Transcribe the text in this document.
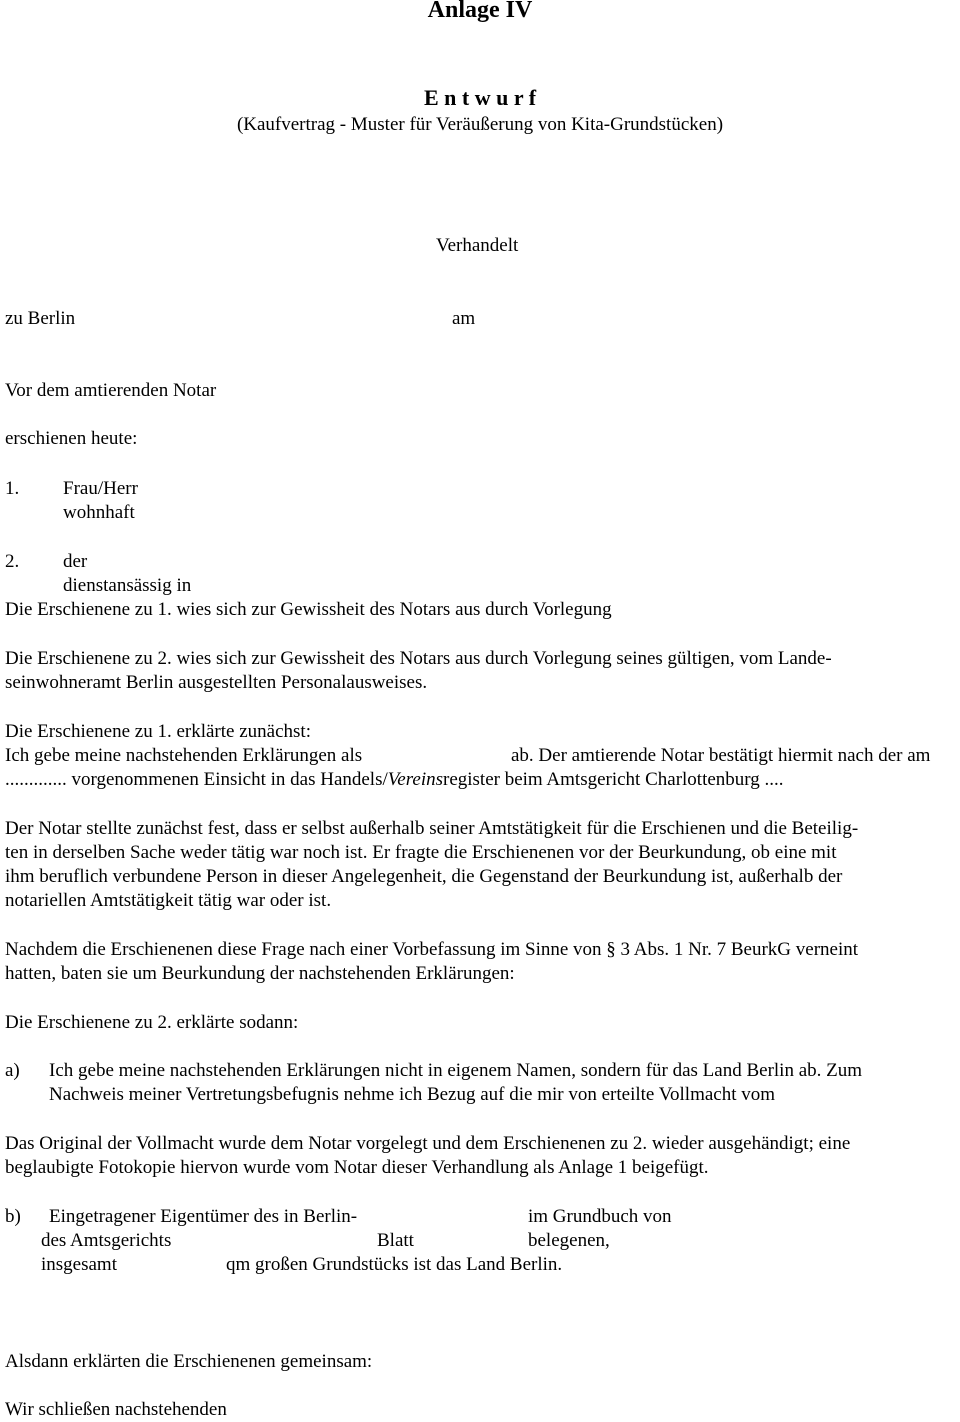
Anlage IV
E n t w u r f
(Kaufvertrag - Muster für Veräußerung von Kita-Grundstücken)
Verhandelt
zu Berlin	am
Vor dem amtierenden Notar
erschienen heute:
1. Frau/Herr
wohnhaft
2. der
dienstansässig in
Die Erschienene zu 1. wies sich zur Gewissheit des Notars aus durch Vorlegung
Die Erschienene zu 2. wies sich zur Gewissheit des Notars aus durch Vorlegung seines gültigen, vom Lande-
seinwohneramt Berlin ausgestellten Personalausweises.
Die Erschienene zu 1. erklärte zunächst:
Ich gebe meine nachstehenden Erklärungen als	ab. Der amtierende Notar bestätigt hiermit nach der am
............. vorgenommenen Einsicht in das Handels/Vereinsregister beim Amtsgericht Charlottenburg ....
Der Notar stellte zunächst fest, dass er selbst außerhalb seiner Amtstätigkeit für die Erschienen und die Beteilig-
ten in derselben Sache weder tätig war noch ist. Er fragte die Erschienenen vor der Beurkundung, ob eine mit
ihm beruflich verbundene Person in dieser Angelegenheit, die Gegenstand der Beurkundung ist, außerhalb der
notariellen Amtstätigkeit tätig war oder ist.
Nachdem die Erschienenen diese Frage nach einer Vorbefassung im Sinne von § 3 Abs. 1 Nr. 7 BeurkG verneint
hatten, baten sie um Beurkundung der nachstehenden Erklärungen:
Die Erschienene zu 2. erklärte sodann:
a) Ich gebe meine nachstehenden Erklärungen nicht in eigenem Namen, sondern für das Land Berlin ab. Zum
Nachweis meiner Vertretungsbefugnis nehme ich Bezug auf die mir von erteilte Vollmacht vom
Das Original der Vollmacht wurde dem Notar vorgelegt und dem Erschienenen zu 2. wieder ausgehändigt; eine
beglaubigte Fotokopie hiervon wurde vom Notar dieser Verhandlung als Anlage 1 beigefügt.
b) Eingetragener Eigentümer des in Berlin-	im Grundbuch von
des Amtsgerichts	Blatt	belegenen,
insgesamt	qm großen Grundstücks ist das Land Berlin.
Alsdann erklärten die Erschienenen gemeinsam:
Wir schließen nachstehenden
